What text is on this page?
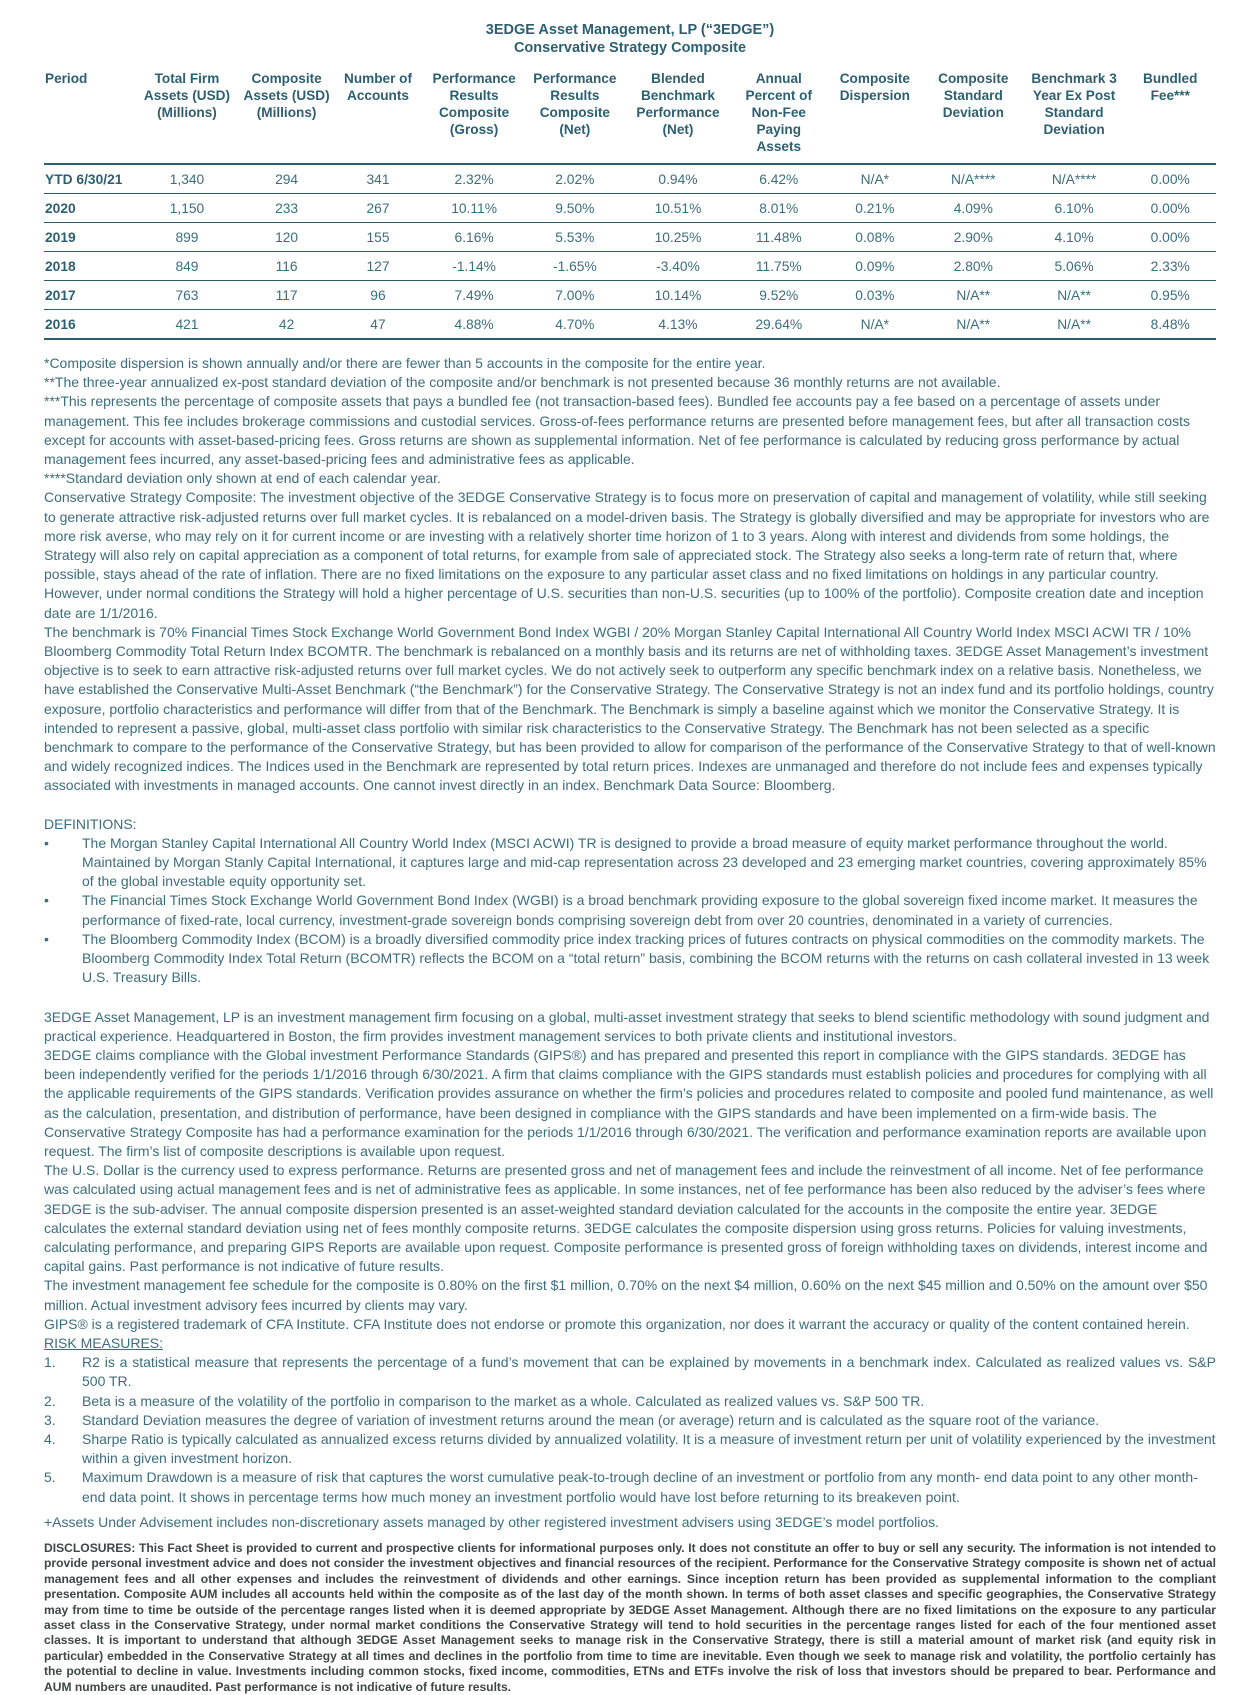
3EDGE Asset Management, LP (“3EDGE”)
Conservative Strategy Composite
Period	Total Firm Assets (USD) (Millions)	Composite Assets (USD) (Millions)	Number of Accounts	Performance Results Composite (Gross)	Performance Results Composite (Net)	Blended Benchmark Performance (Net)	Annual Percent of Non-Fee Paying Assets	Composite Dispersion	Composite Standard Deviation	Benchmark 3 Year Ex Post Standard Deviation	Bundled Fee***
YTD 6/30/21	1,340	294	341	2.32%	2.02%	0.94%	6.42%	N/A*	N/A****	N/A****	0.00%
2020	1,150	233	267	10.11%	9.50%	10.51%	8.01%	0.21%	4.09%	6.10%	0.00%
2019	899	120	155	6.16%	5.53%	10.25%	11.48%	0.08%	2.90%	4.10%	0.00%
2018	849	116	127	-1.14%	-1.65%	-3.40%	11.75%	0.09%	2.80%	5.06%	2.33%
2017	763	117	96	7.49%	7.00%	10.14%	9.52%	0.03%	N/A**	N/A**	0.95%
2016	421	42	47	4.88%	4.70%	4.13%	29.64%	N/A*	N/A**	N/A**	8.48%
*Composite dispersion is shown annually and/or there are fewer than 5 accounts in the composite for the entire year.
**The three-year annualized ex-post standard deviation of the composite and/or benchmark is not presented because 36 monthly returns are not available.
***This represents the percentage of composite assets that pays a bundled fee (not transaction-based fees). Bundled fee accounts pay a fee based on a percentage of assets under management. This fee includes brokerage commissions and custodial services. Gross-of-fees performance returns are presented before management fees, but after all transaction costs except for accounts with asset-based-pricing fees. Gross returns are shown as supplemental information. Net of fee performance is calculated by reducing gross performance by actual management fees incurred, any asset-based-pricing fees and administrative fees as applicable.
****Standard deviation only shown at end of each calendar year.
Conservative Strategy Composite: The investment objective of the 3EDGE Conservative Strategy is to focus more on preservation of capital and management of volatility, while still seeking to generate attractive risk-adjusted returns over full market cycles. It is rebalanced on a model-driven basis. The Strategy is globally diversified and may be appropriate for investors who are more risk averse, who may rely on it for current income or are investing with a relatively shorter time horizon of 1 to 3 years. Along with interest and dividends from some holdings, the Strategy will also rely on capital appreciation as a component of total returns, for example from sale of appreciated stock. The Strategy also seeks a long-term rate of return that, where possible, stays ahead of the rate of inflation. There are no fixed limitations on the exposure to any particular asset class and no fixed limitations on holdings in any particular country. However, under normal conditions the Strategy will hold a higher percentage of U.S. securities than non-U.S. securities (up to 100% of the portfolio). Composite creation date and inception date are 1/1/2016.
The benchmark is 70% Financial Times Stock Exchange World Government Bond Index WGBI / 20% Morgan Stanley Capital International All Country World Index MSCI ACWI TR / 10% Bloomberg Commodity Total Return Index BCOMTR. The benchmark is rebalanced on a monthly basis and its returns are net of withholding taxes. 3EDGE Asset Management’s investment objective is to seek to earn attractive risk-adjusted returns over full market cycles. We do not actively seek to outperform any specific benchmark index on a relative basis. Nonetheless, we have established the Conservative Multi-Asset Benchmark (“the Benchmark”) for the Conservative Strategy. The Conservative Strategy is not an index fund and its portfolio holdings, country exposure, portfolio characteristics and performance will differ from that of the Benchmark. The Benchmark is simply a baseline against which we monitor the Conservative Strategy. It is intended to represent a passive, global, multi-asset class portfolio with similar risk characteristics to the Conservative Strategy. The Benchmark has not been selected as a specific benchmark to compare to the performance of the Conservative Strategy, but has been provided to allow for comparison of the performance of the Conservative Strategy to that of well-known and widely recognized indices. The Indices used in the Benchmark are represented by total return prices. Indexes are unmanaged and therefore do not include fees and expenses typically associated with investments in managed accounts. One cannot invest directly in an index. Benchmark Data Source: Bloomberg.
DEFINITIONS:
•	The Morgan Stanley Capital International All Country World Index (MSCI ACWI) TR is designed to provide a broad measure of equity market performance throughout the world. Maintained by Morgan Stanly Capital International, it captures large and mid-cap representation across 23 developed and 23 emerging market countries, covering approximately 85% of the global investable equity opportunity set.
•	The Financial Times Stock Exchange World Government Bond Index (WGBI) is a broad benchmark providing exposure to the global sovereign fixed income market. It measures the performance of fixed-rate, local currency, investment-grade sovereign bonds comprising sovereign debt from over 20 countries, denominated in a variety of currencies.
•	The Bloomberg Commodity Index (BCOM) is a broadly diversified commodity price index tracking prices of futures contracts on physical commodities on the commodity markets. The Bloomberg Commodity Index Total Return (BCOMTR) reflects the BCOM on a “total return” basis, combining the BCOM returns with the returns on cash collateral invested in 13 week U.S. Treasury Bills.
3EDGE Asset Management, LP is an investment management firm focusing on a global, multi-asset investment strategy that seeks to blend scientific methodology with sound judgment and practical experience. Headquartered in Boston, the firm provides investment management services to both private clients and institutional investors.
3EDGE claims compliance with the Global investment Performance Standards (GIPS®) and has prepared and presented this report in compliance with the GIPS standards. 3EDGE has been independently verified for the periods 1/1/2016 through 6/30/2021. A firm that claims compliance with the GIPS standards must establish policies and procedures for complying with all the applicable requirements of the GIPS standards. Verification provides assurance on whether the firm’s policies and procedures related to composite and pooled fund maintenance, as well as the calculation, presentation, and distribution of performance, have been designed in compliance with the GIPS standards and have been implemented on a firm-wide basis. The Conservative Strategy Composite has had a performance examination for the periods 1/1/2016 through 6/30/2021. The verification and performance examination reports are available upon request. The firm’s list of composite descriptions is available upon request.
The U.S. Dollar is the currency used to express performance. Returns are presented gross and net of management fees and include the reinvestment of all income. Net of fee performance was calculated using actual management fees and is net of administrative fees as applicable. In some instances, net of fee performance has been also reduced by the adviser’s fees where 3EDGE is the sub-adviser. The annual composite dispersion presented is an asset-weighted standard deviation calculated for the accounts in the composite the entire year. 3EDGE calculates the external standard deviation using net of fees monthly composite returns. 3EDGE calculates the composite dispersion using gross returns. Policies for valuing investments, calculating performance, and preparing GIPS Reports are available upon request. Composite performance is presented gross of foreign withholding taxes on dividends, interest income and capital gains. Past performance is not indicative of future results.
The investment management fee schedule for the composite is 0.80% on the first $1 million, 0.70% on the next $4 million, 0.60% on the next $45 million and 0.50% on the amount over $50 million. Actual investment advisory fees incurred by clients may vary.
GIPS® is a registered trademark of CFA Institute. CFA Institute does not endorse or promote this organization, nor does it warrant the accuracy or quality of the content contained herein.
RISK MEASURES:
1.	R2 is a statistical measure that represents the percentage of a fund’s movement that can be explained by movements in a benchmark index. Calculated as realized values vs. S&P 500 TR.
2.	Beta is a measure of the volatility of the portfolio in comparison to the market as a whole. Calculated as realized values vs. S&P 500 TR.
3.	Standard Deviation measures the degree of variation of investment returns around the mean (or average) return and is calculated as the square root of the variance.
4.	Sharpe Ratio is typically calculated as annualized excess returns divided by annualized volatility. It is a measure of investment return per unit of volatility experienced by the investment within a given investment horizon.
5.	Maximum Drawdown is a measure of risk that captures the worst cumulative peak-to-trough decline of an investment or portfolio from any month- end data point to any other month-end data point. It shows in percentage terms how much money an investment portfolio would have lost before returning to its breakeven point.
+Assets Under Advisement includes non-discretionary assets managed by other registered investment advisers using 3EDGE’s model portfolios.
DISCLOSURES: This Fact Sheet is provided to current and prospective clients for informational purposes only. It does not constitute an offer to buy or sell any security. The information is not intended to provide personal investment advice and does not consider the investment objectives and financial resources of the recipient. Performance for the Conservative Strategy composite is shown net of actual management fees and all other expenses and includes the reinvestment of dividends and other earnings. Since inception return has been provided as supplemental information to the compliant presentation. Composite AUM includes all accounts held within the composite as of the last day of the month shown. In terms of both asset classes and specific geographies, the Conservative Strategy may from time to time be outside of the percentage ranges listed when it is deemed appropriate by 3EDGE Asset Management. Although there are no fixed limitations on the exposure to any particular asset class in the Conservative Strategy, under normal market conditions the Conservative Strategy will tend to hold securities in the percentage ranges listed for each of the four mentioned asset classes. It is important to understand that although 3EDGE Asset Management seeks to manage risk in the Conservative Strategy, there is still a material amount of market risk (and equity risk in particular) embedded in the Conservative Strategy at all times and declines in the portfolio from time to time are inevitable. Even though we seek to manage risk and volatility, the portfolio certainly has the potential to decline in value. Investments including common stocks, fixed income, commodities, ETNs and ETFs involve the risk of loss that investors should be prepared to bear. Performance and AUM numbers are unaudited. Past performance is not indicative of future results.
